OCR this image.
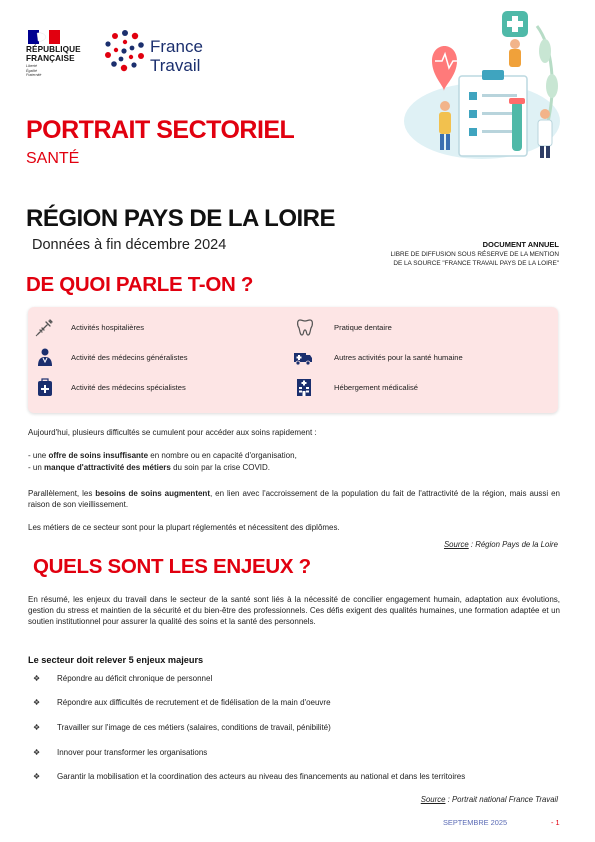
RÉPUBLIQUE
FRANÇAISE
Liberté
Égalité
Fraternité
France
Travail
PORTRAIT SECTORIEL
SANTÉ
RÉGION PAYS DE LA LOIRE
Données à fin décembre 2024	DOCUMENT ANNUEL
LIBRE DE DIFFUSION SOUS RÉSERVE DE LA MENTION
DE LA SOURCE "FRANCE TRAVAIL PAYS DE LA LOIRE"
DE QUOI PARLE T-ON ?
Activités hospitalières	Pratique dentaire
Activité des médecins généralistes	Autres activités pour la santé humaine
Activité des médecins spécialistes	Hébergement médicalisé
Aujourd'hui, plusieurs difficultés se cumulent pour accéder aux soins rapidement :
- une offre de soins insuffisante en nombre ou en capacité d'organisation,
- un manque d'attractivité des métiers du soin par la crise COVID.
Parallèlement, les besoins de soins augmentent, en lien avec l'accroissement de la population du fait de l'attractivité de la région, mais aussi en raison de son vieillissement.
Les métiers de ce secteur sont pour la plupart réglementés et nécessitent des diplômes.
Source : Région Pays de la Loire
QUELS SONT LES ENJEUX ?
En résumé, les enjeux du travail dans le secteur de la santé sont liés à la nécessité de concilier engagement humain, adaptation aux évolutions, gestion du stress et maintien de la sécurité et du bien-être des professionnels. Ces défis exigent des qualités humaines, une formation adaptée et un soutien institutionnel pour assurer la qualité des soins et la santé des personnels.
Le secteur doit relever 5 enjeux majeurs
❖ Répondre au déficit chronique de personnel
❖ Répondre aux difficultés de recrutement et de fidélisation de la main d'oeuvre
❖ Travailler sur l'image de ces métiers (salaires, conditions de travail, pénibilité)
❖ Innover pour transformer les organisations
❖ Garantir la mobilisation et la coordination des acteurs au niveau des financements au national et dans les territoires
Source : Portrait national France Travail
SEPTEMBRE 2025	- 1
